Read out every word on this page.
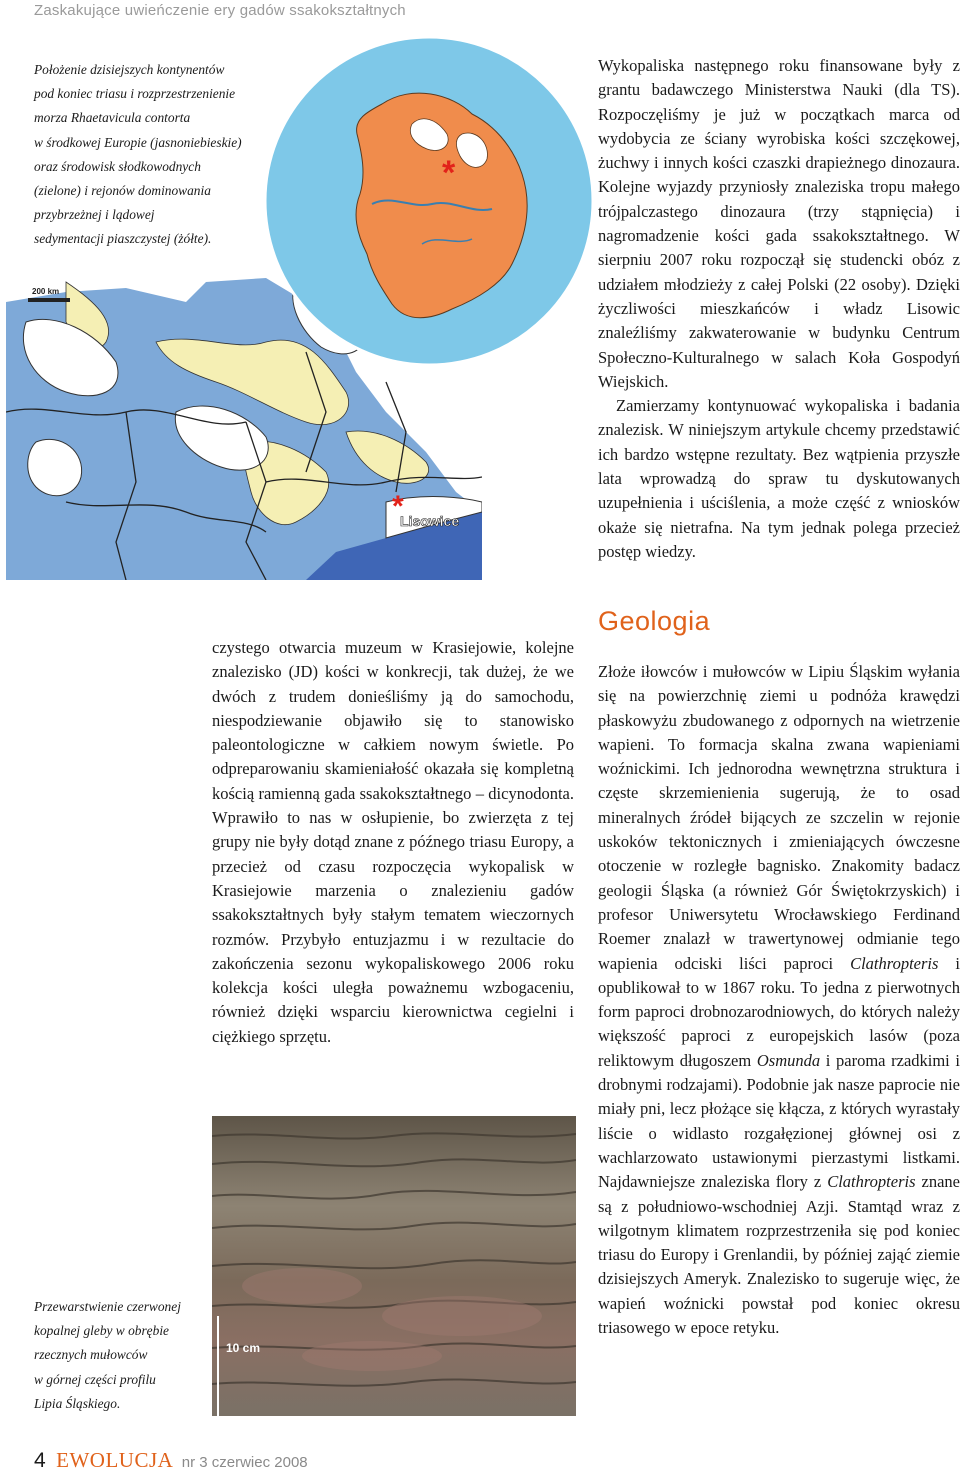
Zaskakujące uwieńczenie ery gadów ssakokształtnych
Położenie dzisiejszych kontynentów
pod koniec triasu i rozprzestrzenienie
morza Rhaetavicula contorta
w środkowej Europie (jasnoniebieskie)
oraz środowisk słodkowodnych
(zielone) i rejonów dominowania
przybrzeżnej i lądowej
sedymentacji piaszczystej (żółte).
200 km
*
Lisowice
*

Wykopaliska następnego roku finansowane były z grantu badawczego Ministerstwa Nauki (dla TS). Rozpoczęliśmy je już w początkach marca od wydobycia ze ściany wyrobiska kości szczękowej, żuchwy i innych kości czaszki drapieżnego dinozaura. Kolejne wyjazdy przyniosły znaleziska tropu małego trójpalczastego dinozaura (trzy stąpnięcia) i nagromadzenie kości gada ssakokształtnego. W sierpniu 2007 roku rozpoczął się studencki obóz z udziałem młodzieży z całej Polski (22 osoby). Dzięki życzliwości mieszkańców i władz Lisowic znaleźliśmy zakwaterowanie w budynku Centrum Społeczno-Kulturalnego w salach Koła Gospodyń Wiejskich.

Zamierzamy kontynuować wykopaliska i badania znalezisk. W niniejszym artykule chcemy przedstawić ich bardzo wstępne rezultaty. Bez wątpienia przyszłe lata wprowadzą do spraw tu dyskutowanych uzupełnienia i uściślenia, a może część z wniosków okaże się nietrafna. Na tym jednak polega przecież postęp wiedzy.

Geologia

czystego otwarcia muzeum w Krasiejowie, kolejne znalezisko (JD) kości w konkrecji, tak dużej, że we dwóch z trudem donieśliśmy ją do samochodu, niespodziewanie objawiło się to stanowisko paleontologiczne w całkiem nowym świetle. Po odpreparowaniu skamieniałość okazała się kompletną kością ramienną gada ssakokształtnego – dicynodonta. Wprawiło to nas w osłupienie, bo zwierzęta z tej grupy nie były dotąd znane z późnego triasu Europy, a przecież od czasu rozpoczęcia wykopalisk w Krasiejowie marzenia o znalezieniu gadów ssakokształtnych były stałym tematem wieczornych rozmów. Przybyło entuzjazmu i w rezultacie do zakończenia sezonu wykopaliskowego 2006 roku kolekcja kości uległa poważnemu wzbogaceniu, również dzięki wsparciu kierownictwa cegielni i ciężkiego sprzętu.

Złoże iłowców i mułowców w Lipiu Śląskim wyłania się na powierzchnię ziemi u podnóża krawędzi płaskowyżu zbudowanego z odpornych na wietrzenie wapieni. To formacja skalna zwana wapieniami woźnickimi. Ich jednorodna wewnętrzna struktura i częste skrzemienienia sugerują, że to osad mineralnych źródeł bijących ze szczelin w rejonie uskoków tektonicznych i zmieniających ówczesne otoczenie w rozległe bagnisko. Znakomity badacz geologii Śląska (a również Gór Świętokrzyskich) i profesor Uniwersytetu Wrocławskiego Ferdinand Roemer znalazł w trawertynowej odmianie tego wapienia odciski liści paproci Clathropteris i opublikował to w 1867 roku. To jedna z pierwotnych form paproci drobnozarodniowych, do których należy większość paproci z europejskich lasów (poza reliktowym długoszem Osmunda i paroma rzadkimi i drobnymi rodzajami). Podobnie jak nasze paprocie nie miały pni, lecz płożące się kłącza, z których wyrastały liście o widlasto rozgałęzionej głównej osi z wachlarzowato ustawionymi pierzastymi listkami. Najdawniejsze znaleziska flory z Clathropteris znane są z południowo-wschodniej Azji. Stamtąd wraz z wilgotnym klimatem rozprzestrzeniła się pod koniec triasu do Europy i Grenlandii, by później zająć ziemie dzisiejszych Ameryk. Znalezisko to sugeruje więc, że wapień woźnicki powstał pod koniec okresu triasowego w epoce retyku.

10 cm
Przewarstwienie czerwonej
kopalnej gleby w obrębie
rzecznych mułowców
w górnej części profilu
Lipia Śląskiego.
4 EWOLUCJA nr 3 czerwiec 2008
